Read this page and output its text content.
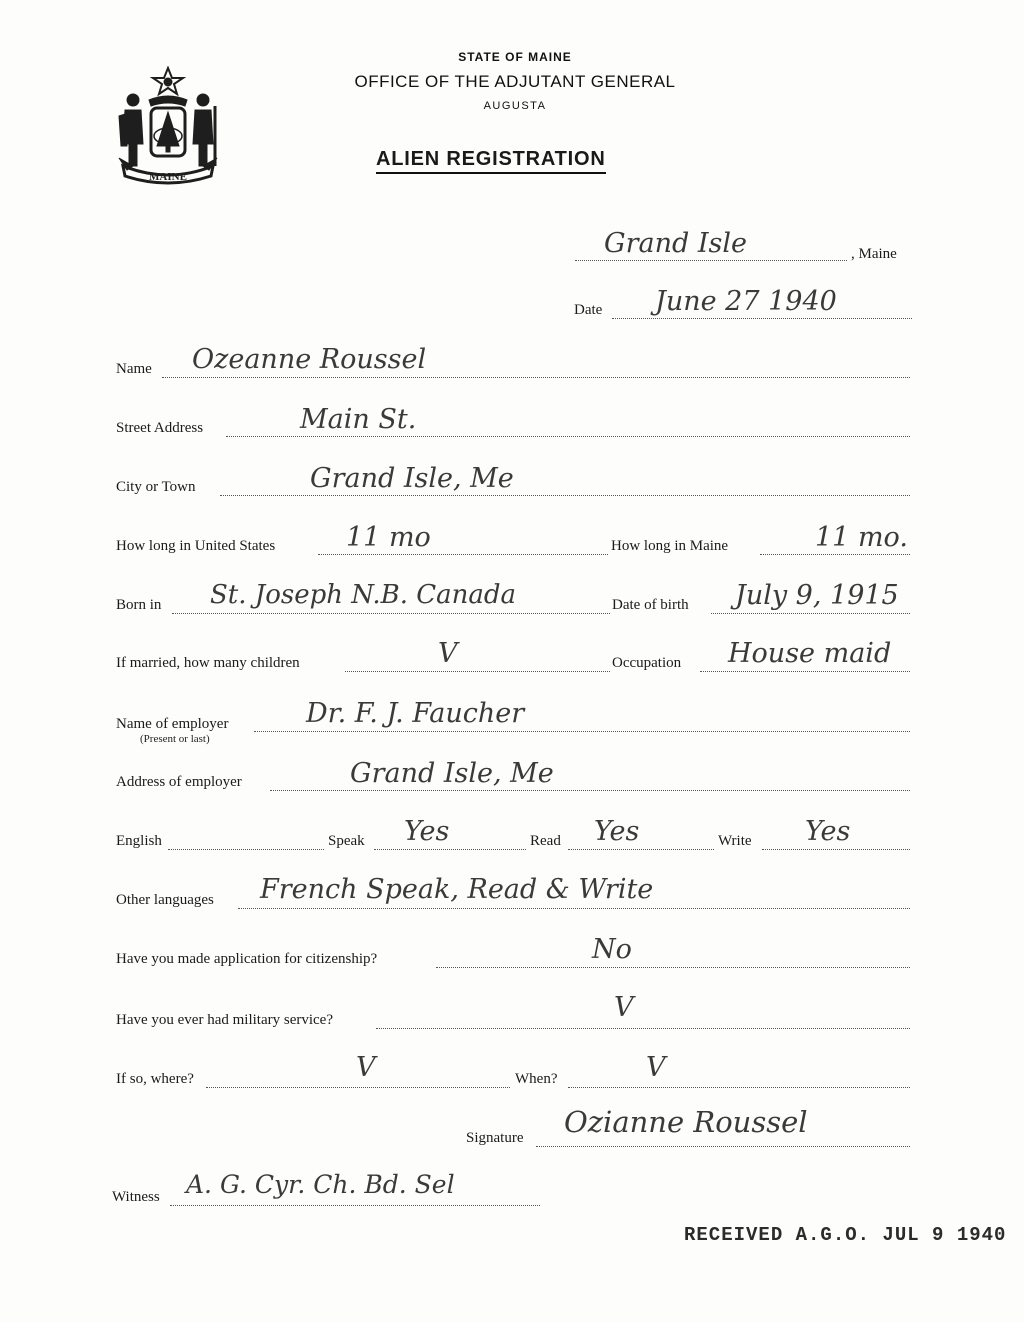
MAINE
STATE OF MAINE
OFFICE OF THE ADJUTANT GENERAL
AUGUSTA
ALIEN REGISTRATION
Grand Isle	, Maine
Date June 27 1940
Name Ozeanne Roussel
Street Address	Main St.
City or Town	Grand Isle, Me
How long in United States	11 mo	How long in Maine	11 mo.
Born in St. Joseph N.B. Canada	Date of birth July 9, 1915
If married, how many children	V	Occupation House maid
Name of employer
(Present or last)
Dr. F. J. Faucher
Address of employer	Grand Isle, Me
English	Speak Yes	Read Yes	Write Yes
Other languages French Speak, Read & Write
Have you made application for citizenship?	No
Have you ever had military service?	V
If so, where?	V	When?	V
Signature Ozianne Roussel
Witness A. G. Cyr. Ch. Bd. Sel
RECEIVED A.G.O. JUL 9 1940
